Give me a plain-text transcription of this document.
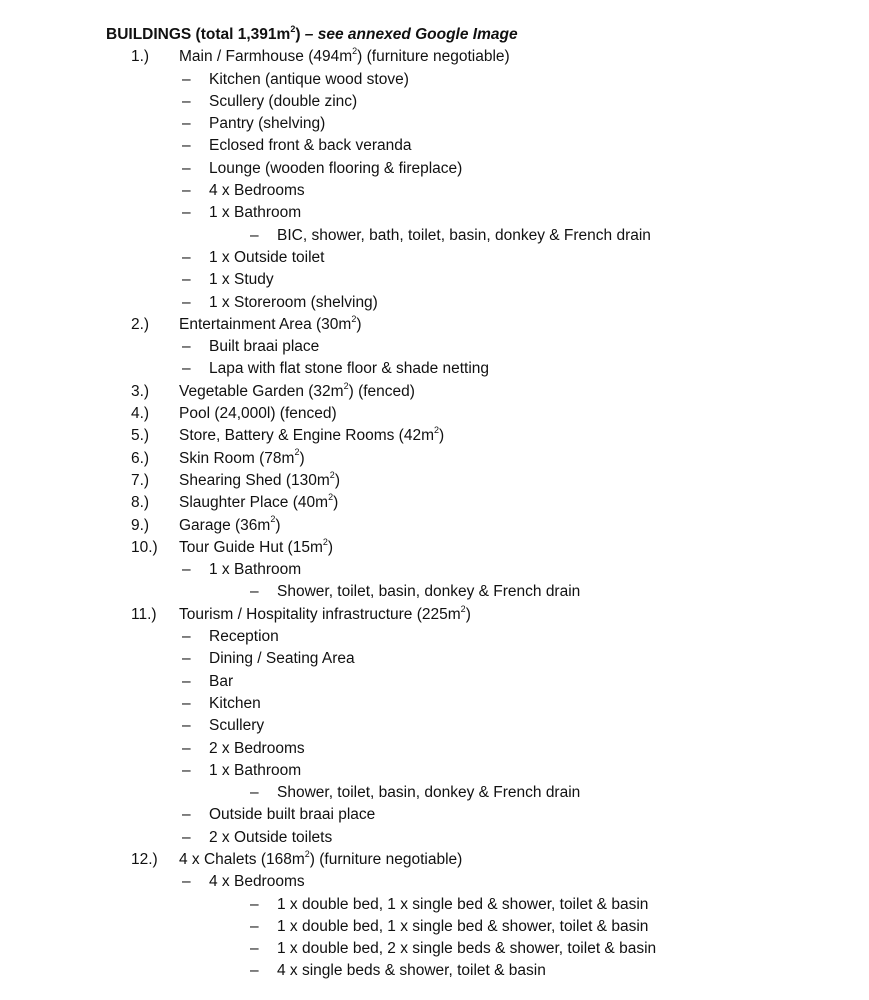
BUILDINGS (total $1,391m^2$) – see annexed Google Image
1.) Main / Farmhouse $(494m^2)$ (furniture negotiable)
– Kitchen (antique wood stove)
– Scullery (double zinc)
– Pantry (shelving)
– Eclosed front & back veranda
– Lounge (wooden flooring & fireplace)
– 4 x Bedrooms
– 1 x Bathroom
– BIC, shower, bath, toilet, basin, donkey & French drain
– 1 x Outside toilet
– 1 x Study
– 1 x Storeroom (shelving)
2.) Entertainment Area $(30m^2)$
– Built braai place
– Lapa with flat stone floor & shade netting
3.) Vegetable Garden $(32m^2)$ (fenced)
4.) Pool (24,000l) (fenced)
5.) Store, Battery & Engine Rooms $(42m^2)$
6.) Skin Room $(78m^2)$
7.) Shearing Shed $(130m^2)$
8.) Slaughter Place $(40m^2)$
9.) Garage $(36m^2)$
10.) Tour Guide Hut $(15m^2)$
– 1 x Bathroom
– Shower, toilet, basin, donkey & French drain
11.) Tourism / Hospitality infrastructure $(225m^2)$
– Reception
– Dining / Seating Area
– Bar
– Kitchen
– Scullery
– 2 x Bedrooms
– 1 x Bathroom
– Shower, toilet, basin, donkey & French drain
– Outside built braai place
– 2 x Outside toilets
12.) 4 x Chalets $(168m^2)$ (furniture negotiable)
– 4 x Bedrooms
– 1 x double bed, 1 x single bed & shower, toilet & basin
– 1 x double bed, 1 x single bed & shower, toilet & basin
– 1 x double bed, 2 x single beds & shower, toilet & basin
– 4 x single beds & shower, toilet & basin
